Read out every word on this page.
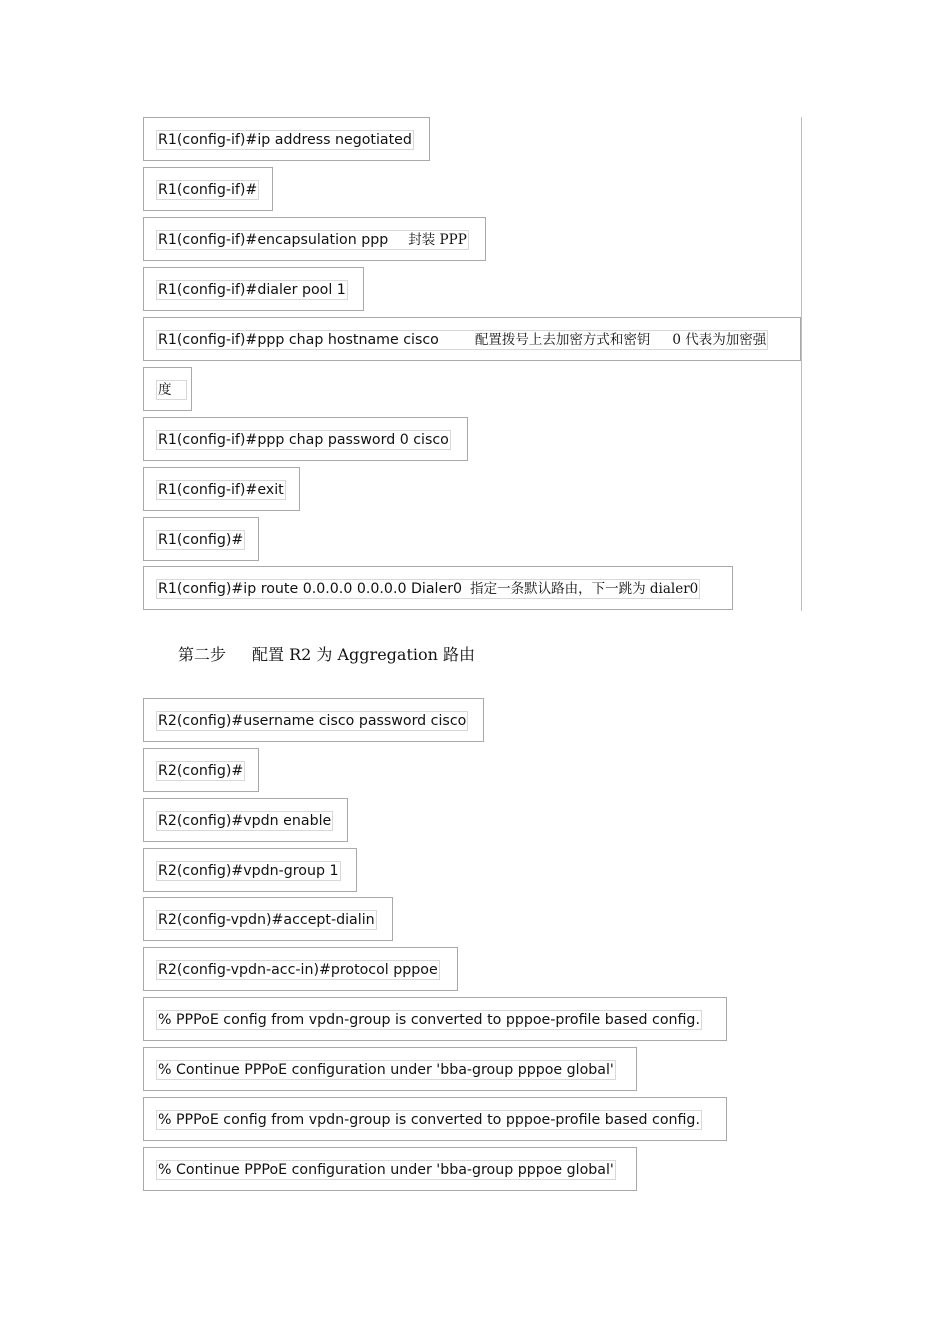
R1(config-if)#ip address negotiated
R1(config-if)#
R1(config-if)#encapsulation ppp 封装 PPP
R1(config-if)#dialer pool 1
R1(config-if)#ppp chap hostname cisco	配置拨号上去加密方式和密钥 0 代表为加密强
度
R1(config-if)#ppp chap password 0 cisco
R1(config-if)#exit
R1(config)#
R1(config)#ip route 0.0.0.0 0.0.0.0 Dialer0 指定一条默认路由，下一跳为 dialer0
第二步 配置 R2 为 Aggregation 路由
R2(config)#username cisco password cisco
R2(config)#
R2(config)#vpdn enable
R2(config)#vpdn-group 1
R2(config-vpdn)#accept-dialin
R2(config-vpdn-acc-in)#protocol pppoe
% PPPoE config from vpdn-group is converted to pppoe-profile based config.
% Continue PPPoE configuration under 'bba-group pppoe global'
% PPPoE config from vpdn-group is converted to pppoe-profile based config.
% Continue PPPoE configuration under 'bba-group pppoe global'
